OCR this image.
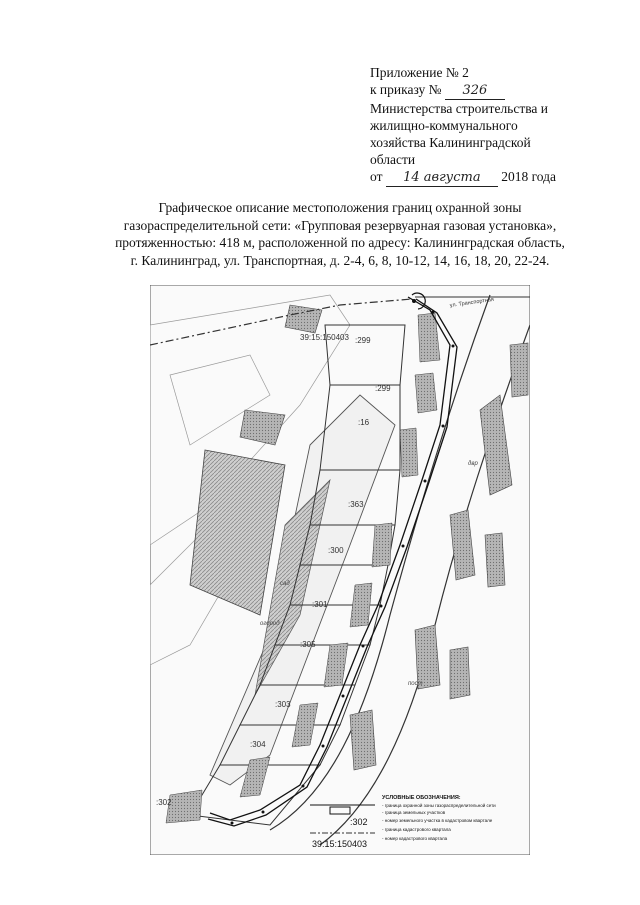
Приложение № 2
к приказу № 326
Министерства строительства и
жилищно-коммунального
хозяйства Калининградской
области
от 14 августа 2018 года
Графическое описание местоположения границ охранной зоны
газораспределительной сети: «Групповая резервуарная газовая установка»,
протяженностью: 418 м, расположенной по адресу: Калининградская область,
г. Калининград, ул. Транспортная, д. 2-4, 6, 8, 10-12, 14, 16, 18, 20, 22-24.
39:15:150403 :299
:299
:16
:363
:300
:301
:305
:303
:304
:302
ул. Транспортная
сад
огород
двр
пост
:302
39:15:150403
УСЛОВНЫЕ ОБОЗНАЧЕНИЯ:
- граница охранной зоны газораспределительной сети
- граница земельных участков
- номер земельного участка в кадастровом квартале
- граница кадастрового квартала
- номер кадастрового квартала
